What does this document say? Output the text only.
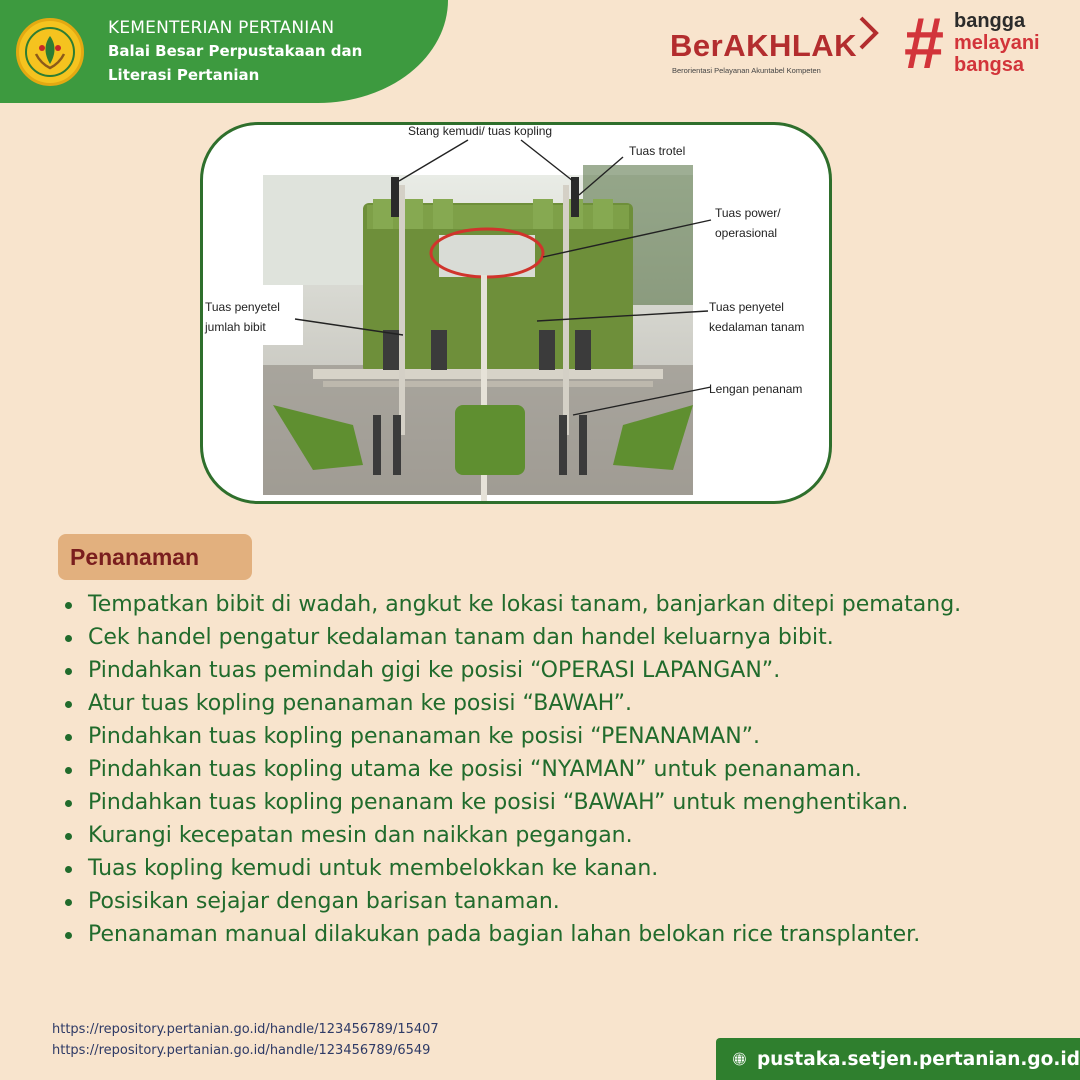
KEMENTERIAN PERTANIAN
Balai Besar Perpustakaan dan
Literasi Pertanian
BerAKHLAK
Berorientasi Pelayanan Akuntabel Kompeten # bangga
melayani
bangsa
Stang kemudi/ tuas kopling
Tuas trotel
Tuas power/
operasional
Tuas penyetel
jumlah bibit
Tuas penyetel
kedalaman tanam
Lengan penanam
Penanaman
Tempatkan bibit di wadah, angkut ke lokasi tanam, banjarkan ditepi pematang.
Cek handel pengatur kedalaman tanam dan handel keluarnya bibit.
Pindahkan tuas pemindah gigi ke posisi “OPERASI LAPANGAN”.
Atur tuas kopling penanaman ke posisi “BAWAH”.
Pindahkan tuas kopling penanaman ke posisi “PENANAMAN”.
Pindahkan tuas kopling utama ke posisi “NYAMAN” untuk penanaman.
Pindahkan tuas kopling penanam ke posisi “BAWAH” untuk menghentikan.
Kurangi kecepatan mesin dan naikkan pegangan.
Tuas kopling kemudi untuk membelokkan ke kanan.
Posisikan sejajar dengan barisan tanaman.
Penanaman manual dilakukan pada bagian lahan belokan rice transplanter.
https://repository.pertanian.go.id/handle/123456789/15407
https://repository.pertanian.go.id/handle/123456789/6549	pustaka.setjen.pertanian.go.id
